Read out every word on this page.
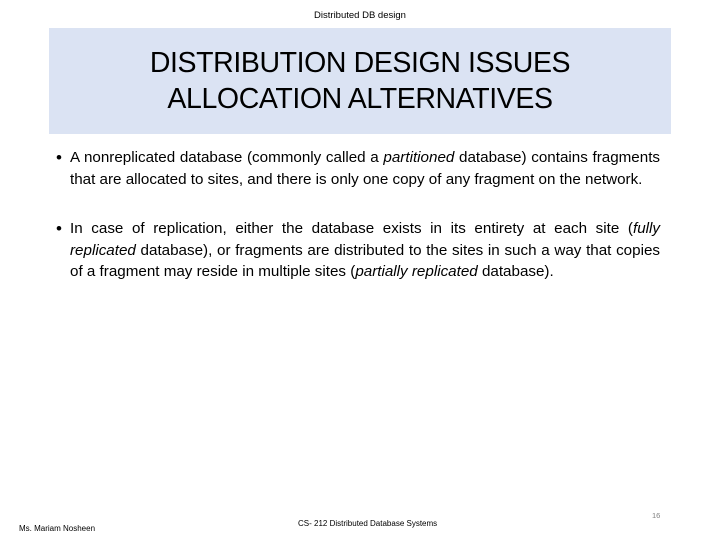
Distributed DB design
DISTRIBUTION DESIGN ISSUES
ALLOCATION ALTERNATIVES
• A nonreplicated database (commonly called a partitioned database) contains fragments that are allocated to sites, and there is only one copy of any fragment on the network.
• In case of replication, either the database exists in its entirety at each site (fully replicated database), or fragments are distributed to the sites in such a way that copies of a fragment may reside in multiple sites (partially replicated database).
Ms. Mariam Nosheen
CS- 212 Distributed Database Systems
16
